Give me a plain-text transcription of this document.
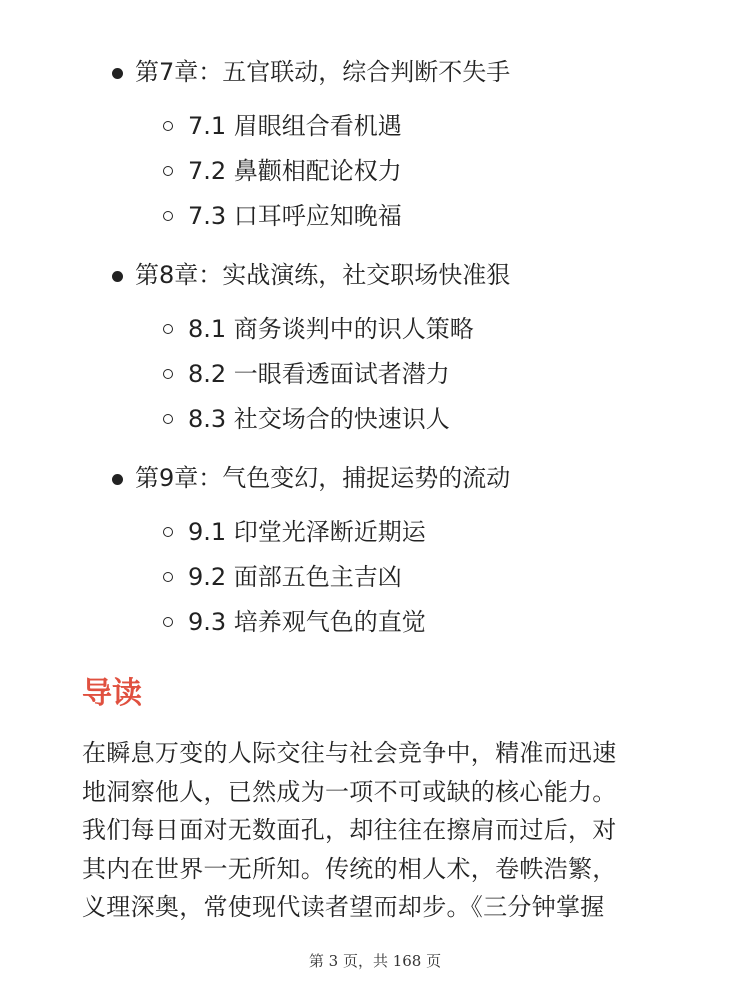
第7章：五官联动，综合判断不失手
7.1 眉眼组合看机遇
7.2 鼻颧相配论权力
7.3 口耳呼应知晚福
第8章：实战演练，社交职场快准狠
8.1 商务谈判中的识人策略
8.2 一眼看透面试者潜力
8.3 社交场合的快速识人
第9章：气色变幻，捕捉运势的流动
9.1 印堂光泽断近期运
9.2 面部五色主吉凶
9.3 培养观气色的直觉
导读

在瞬息万变的人际交往与社会竞争中，精准而迅速
地洞察他人，已然成为一项不可或缺的核心能力。
我们每日面对无数面孔，却往往在擦肩而过后，对
其内在世界一无所知。传统的相人术，卷帙浩繁，
义理深奥，常使现代读者望而却步。《三分钟掌握

第 3 页，共 168 页
